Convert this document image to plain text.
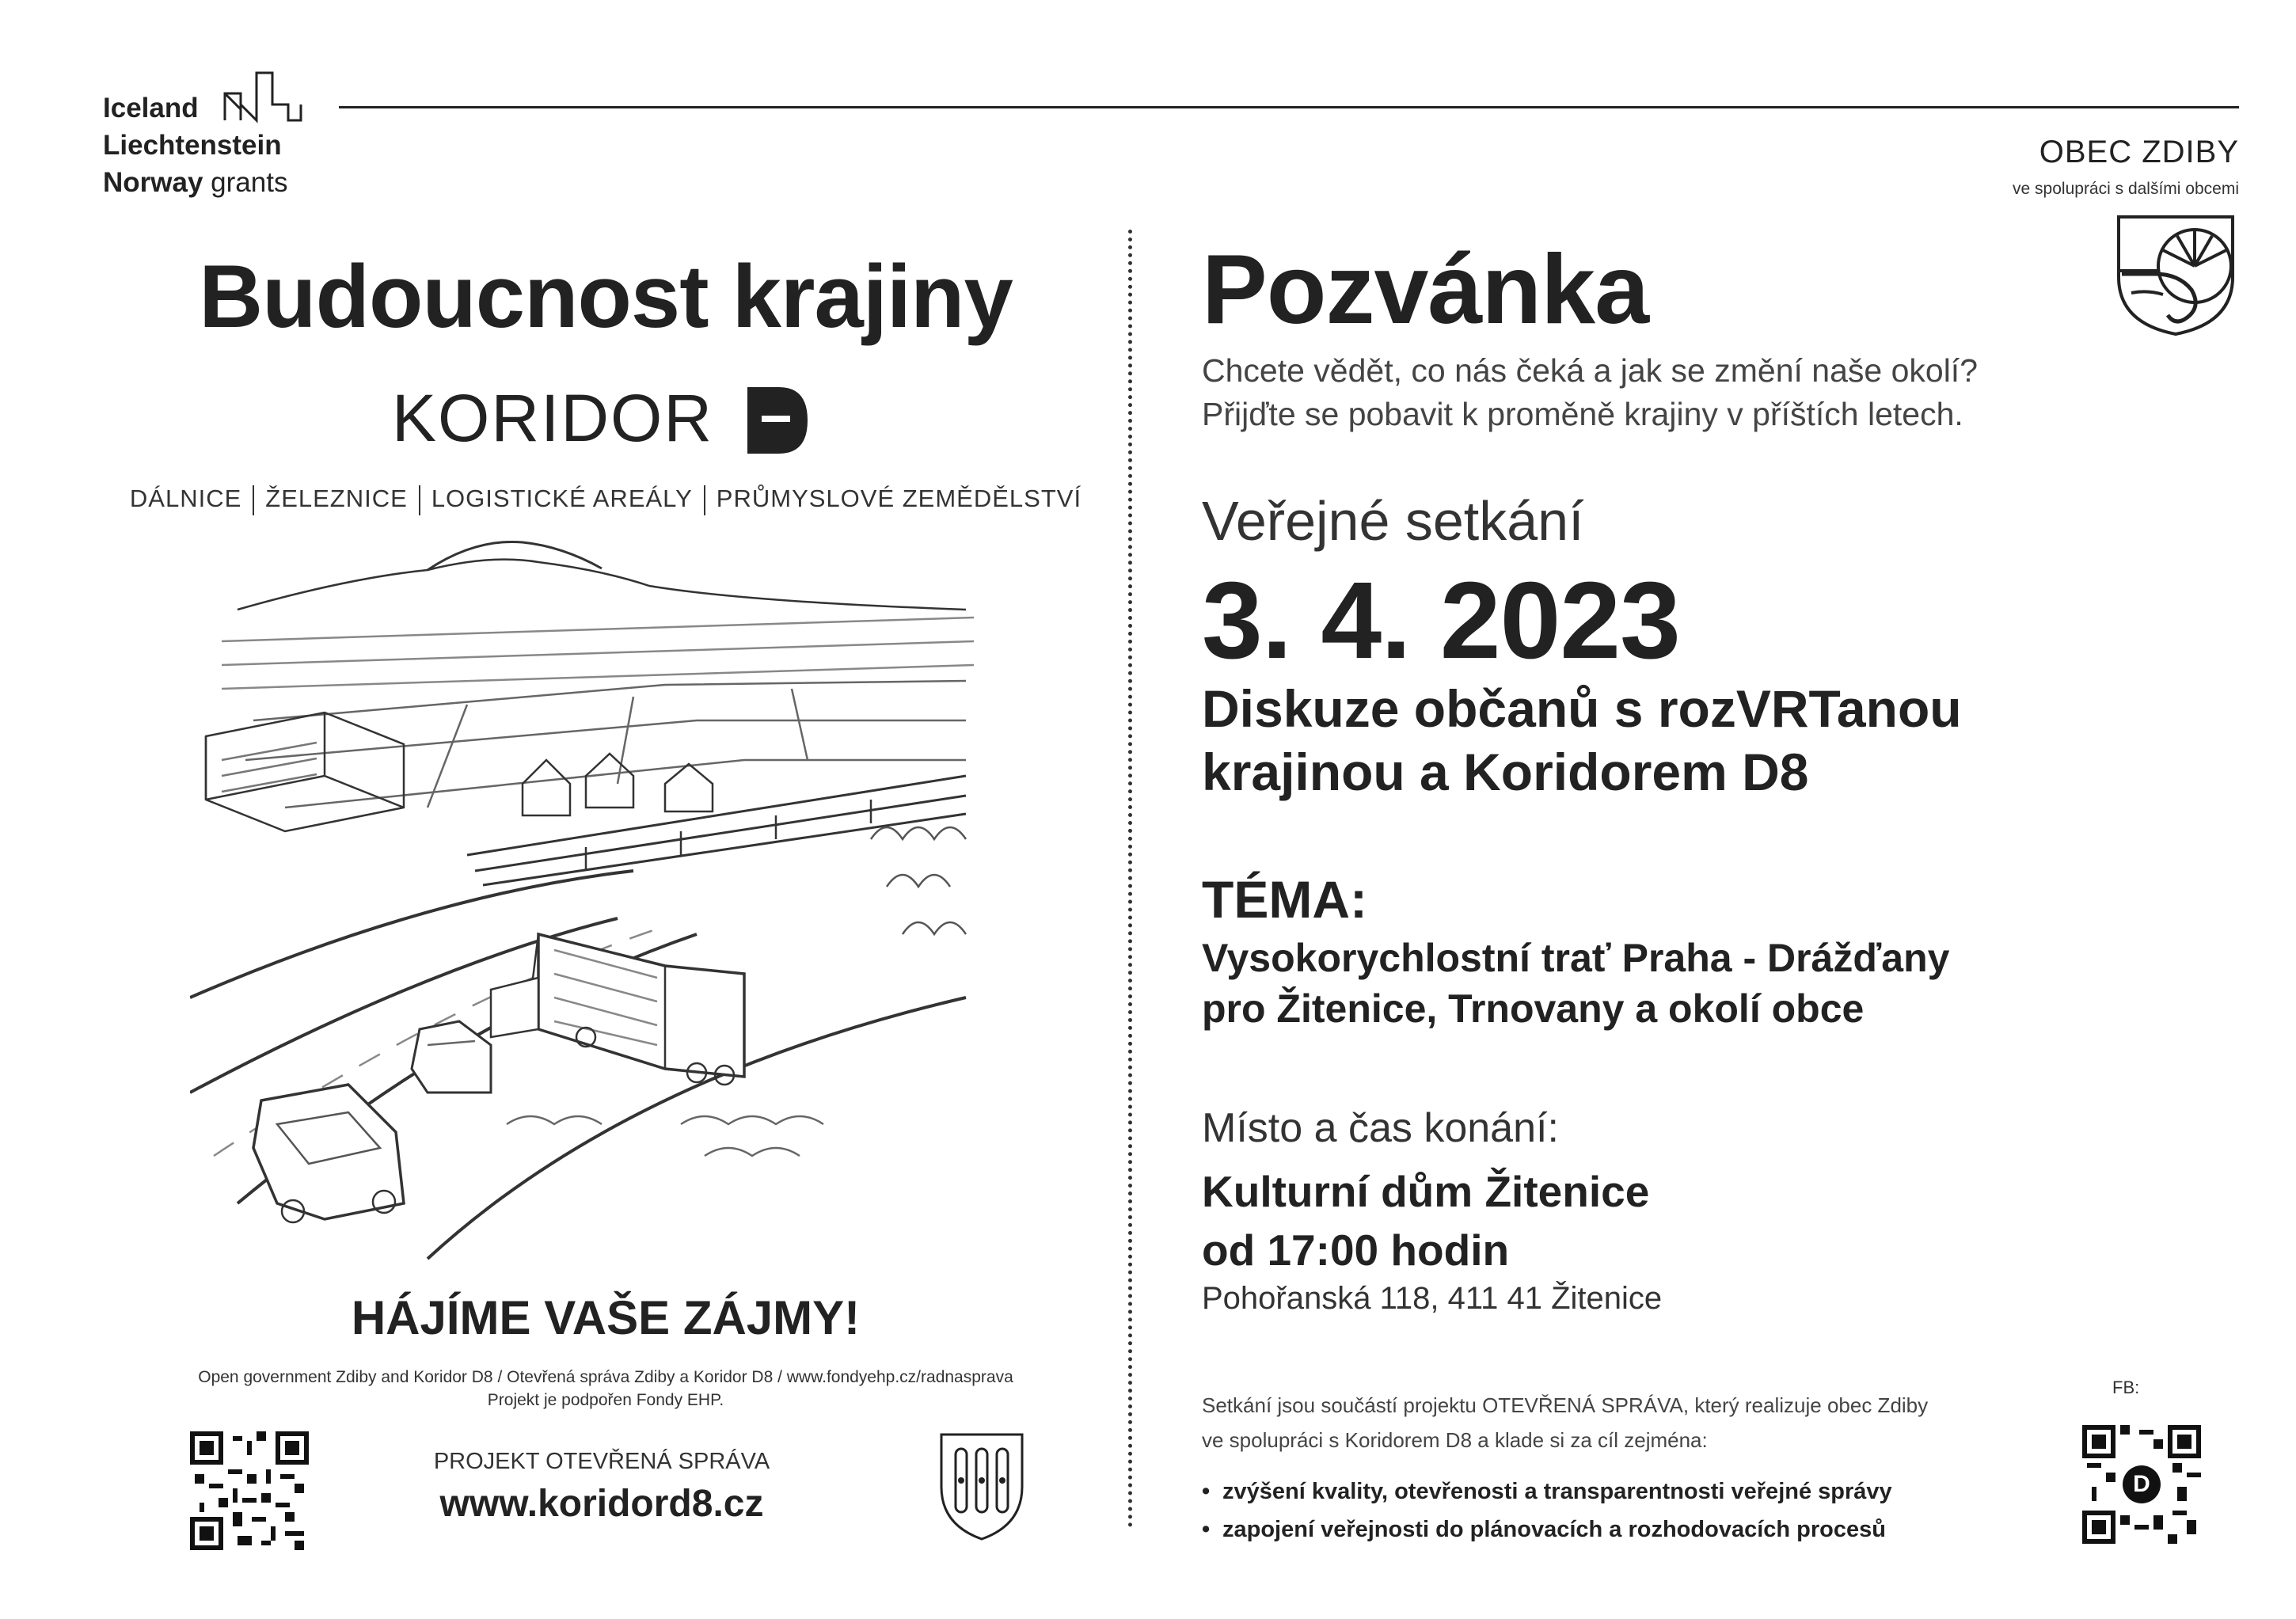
Iceland
Liechtenstein
Norway grants
OBEC ZDIBY
ve spolupráci s dalšími obcemi
Budoucnost krajiny
KORIDOR
DÁLNICE ŽELEZNICE LOGISTICKÉ AREÁLY PRŮMYSLOVÉ ZEMĚDĚLSTVÍ
HÁJÍME VAŠE ZÁJMY!
Open government Zdiby and Koridor D8 / Otevřená správa Zdiby a Koridor D8 / www.fondyehp.cz/radnasprava
Projekt je podpořen Fondy EHP.
PROJEKT OTEVŘENÁ SPRÁVA
www.koridord8.cz
Pozvánka
Chcete vědět, co nás čeká a jak se změní naše okolí?
Přijďte se pobavit k proměně krajiny v příštích letech.
Veřejné setkání
3. 4. 2023
Diskuze občanů s rozVRTanou
krajinou a Koridorem D8
TÉMA:
Vysokorychlostní trať Praha - Drážďany
pro Žitenice, Trnovany a okolí obce
Místo a čas konání:
Kulturní dům Žitenice
od 17:00 hodin
Pohořanská 118, 411 41 Žitenice
Setkání jsou součástí projektu OTEVŘENÁ SPRÁVA, který realizuje obec Zdiby
ve spolupráci s Koridorem D8 a klade si za cíl zejména:
• zvýšení kvality, otevřenosti a transparentnosti veřejné správy
• zapojení veřejnosti do plánovacích a rozhodovacích procesů
FB:
D
